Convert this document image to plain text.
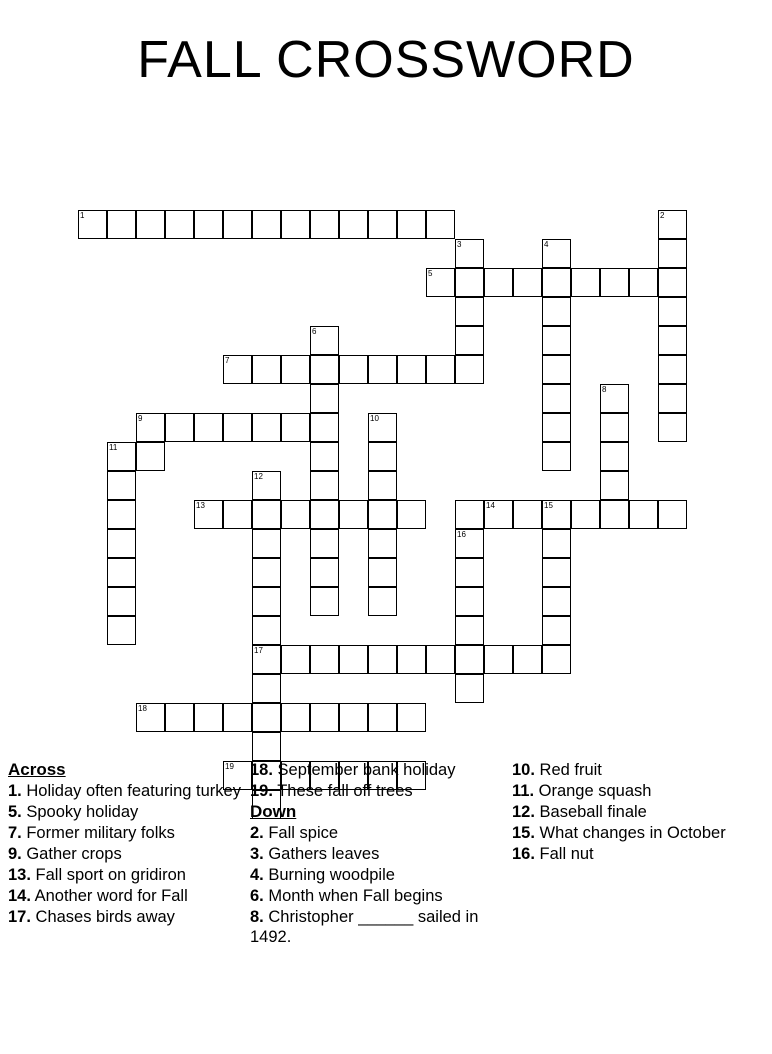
FALL CROSSWORD
1	2
3	4
5
6
7
8
9	10
11
12
13	14	15
16
17
18
19
Across
1. Holiday often featuring turkey
5. Spooky holiday
7. Former military folks
9. Gather crops
13. Fall sport on gridiron
14. Another word for Fall
17. Chases birds away
18. September bank holiday
19. These fall off trees
Down
2. Fall spice
3. Gathers leaves
4. Burning woodpile
6. Month when Fall begins
8. Christopher ______ sailed in 1492.
10. Red fruit
11. Orange squash
12. Baseball finale
15. What changes in October
16. Fall nut
